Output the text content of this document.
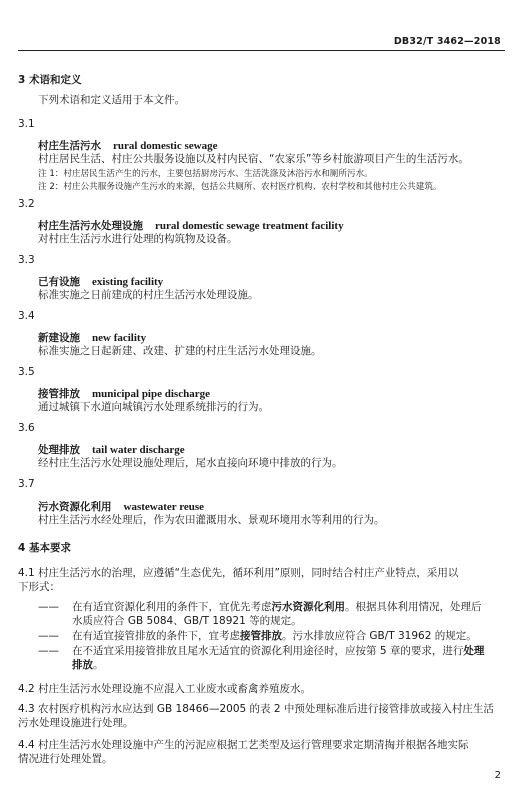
DB32/T 3462—2018
3 术语和定义
下列术语和定义适用于本文件。
3.1
村庄生活污水 rural domestic sewage
村庄居民生活、村庄公共服务设施以及村内民宿、“农家乐”等乡村旅游项目产生的生活污水。
注 1：村庄居民生活产生的污水，主要包括厨房污水、生活洗涤及沐浴污水和厕所污水。
注 2：村庄公共服务设施产生污水的来源，包括公共厕所、农村医疗机构、农村学校和其他村庄公共建筑。
3.2
村庄生活污水处理设施 rural domestic sewage treatment facility
对村庄生活污水进行处理的构筑物及设备。
3.3
已有设施 existing facility
标准实施之日前建成的村庄生活污水处理设施。
3.4
新建设施 new facility
标准实施之日起新建、改建、扩建的村庄生活污水处理设施。
3.5
接管排放 municipal pipe discharge
通过城镇下水道向城镇污水处理系统排污的行为。
3.6
处理排放 tail water discharge
经村庄生活污水处理设施处理后，尾水直接向环境中排放的行为。
3.7
污水资源化利用 wastewater reuse
村庄生活污水经处理后，作为农田灌溉用水、景观环境用水等利用的行为。
4 基本要求
4.1 村庄生活污水的治理，应遵循“生态优先，循环利用”原则，同时结合村庄产业特点，采用以
下形式：
—— 在有适宜资源化利用的条件下，宜优先考虑污水资源化利用。根据具体利用情况，处理后
水质应符合 GB 5084、GB/T 18921 等的规定。
—— 在有适宜接管排放的条件下，宜考虑接管排放。污水排放应符合 GB/T 31962 的规定。
—— 在不适宜采用接管排放且尾水无适宜的资源化利用途径时，应按第 5 章的要求，进行处理
排放。
4.2 村庄生活污水处理设施不应混入工业废水或畜禽养殖废水。
4.3 农村医疗机构污水应达到 GB 18466—2005 的表 2 中预处理标准后进行接管排放或接入村庄生活
污水处理设施进行处理。
4.4 村庄生活污水处理设施中产生的污泥应根据工艺类型及运行管理要求定期清掏并根据各地实际
情况进行处理处置。
2
